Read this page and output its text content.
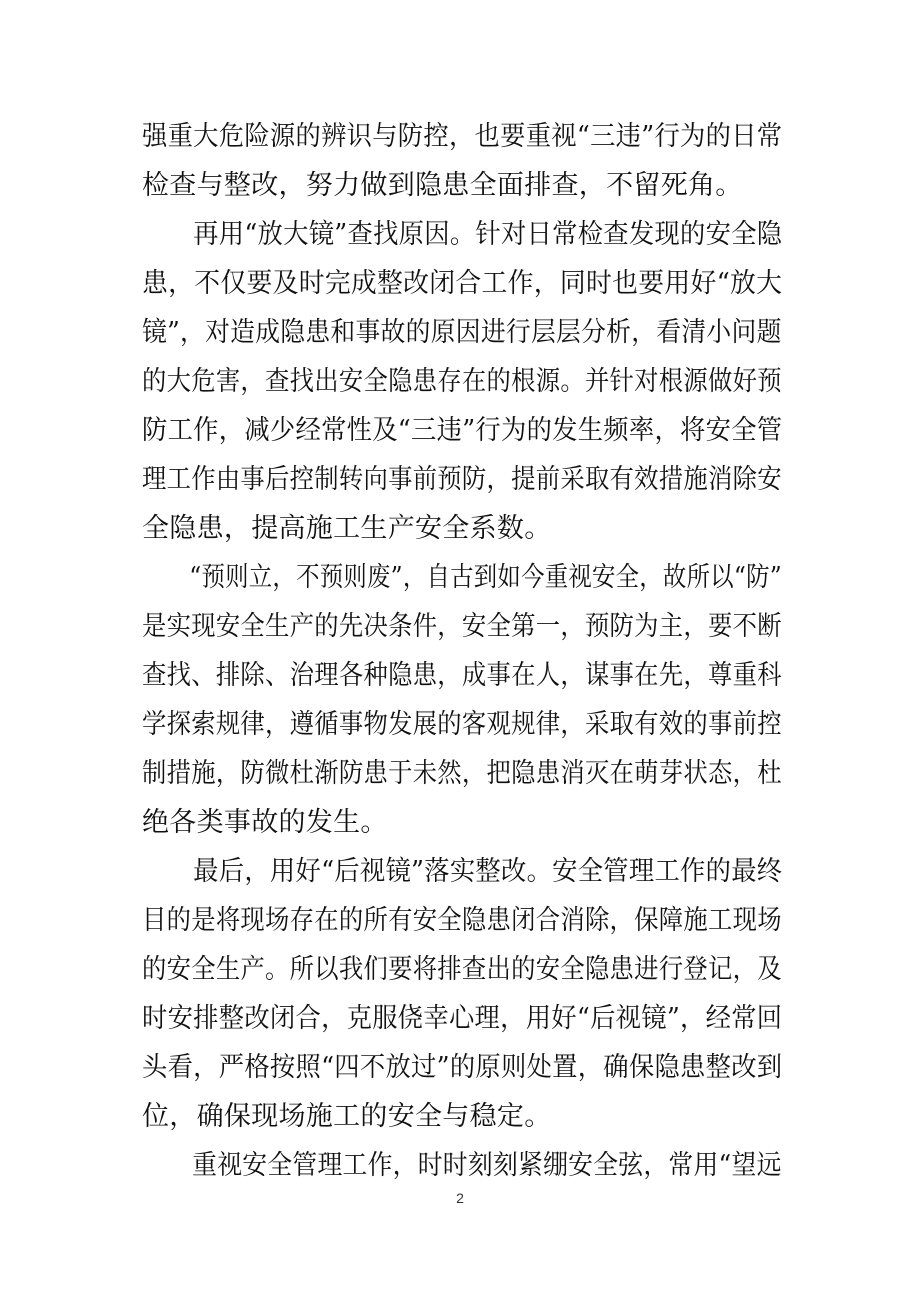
强重大危险源的辨识与防控，也要重视“三违”行为的日常
检查与整改，努力做到隐患全面排查，不留死角。
　　再用“放大镜”查找原因。针对日常检查发现的安全隐
患，不仅要及时完成整改闭合工作，同时也要用好“放大
镜”，对造成隐患和事故的原因进行层层分析，看清小问题
的大危害，查找出安全隐患存在的根源。并针对根源做好预
防工作，减少经常性及“三违”行为的发生频率，将安全管
理工作由事后控制转向事前预防，提前采取有效措施消除安
全隐患，提高施工生产安全系数。
　　“预则立，不预则废”，自古到如今重视安全，故所以“防”
是实现安全生产的先决条件，安全第一，预防为主，要不断
查找、排除、治理各种隐患，成事在人，谋事在先，尊重科
学探索规律，遵循事物发展的客观规律，采取有效的事前控
制措施，防微杜渐防患于未然，把隐患消灭在萌芽状态，杜
绝各类事故的发生。
　　最后，用好“后视镜”落实整改。安全管理工作的最终
目的是将现场存在的所有安全隐患闭合消除，保障施工现场
的安全生产。所以我们要将排查出的安全隐患进行登记，及
时安排整改闭合，克服侥幸心理，用好“后视镜”，经常回
头看，严格按照“四不放过”的原则处置，确保隐患整改到
位，确保现场施工的安全与稳定。
　　重视安全管理工作，时时刻刻紧绷安全弦，常用“望远
2
